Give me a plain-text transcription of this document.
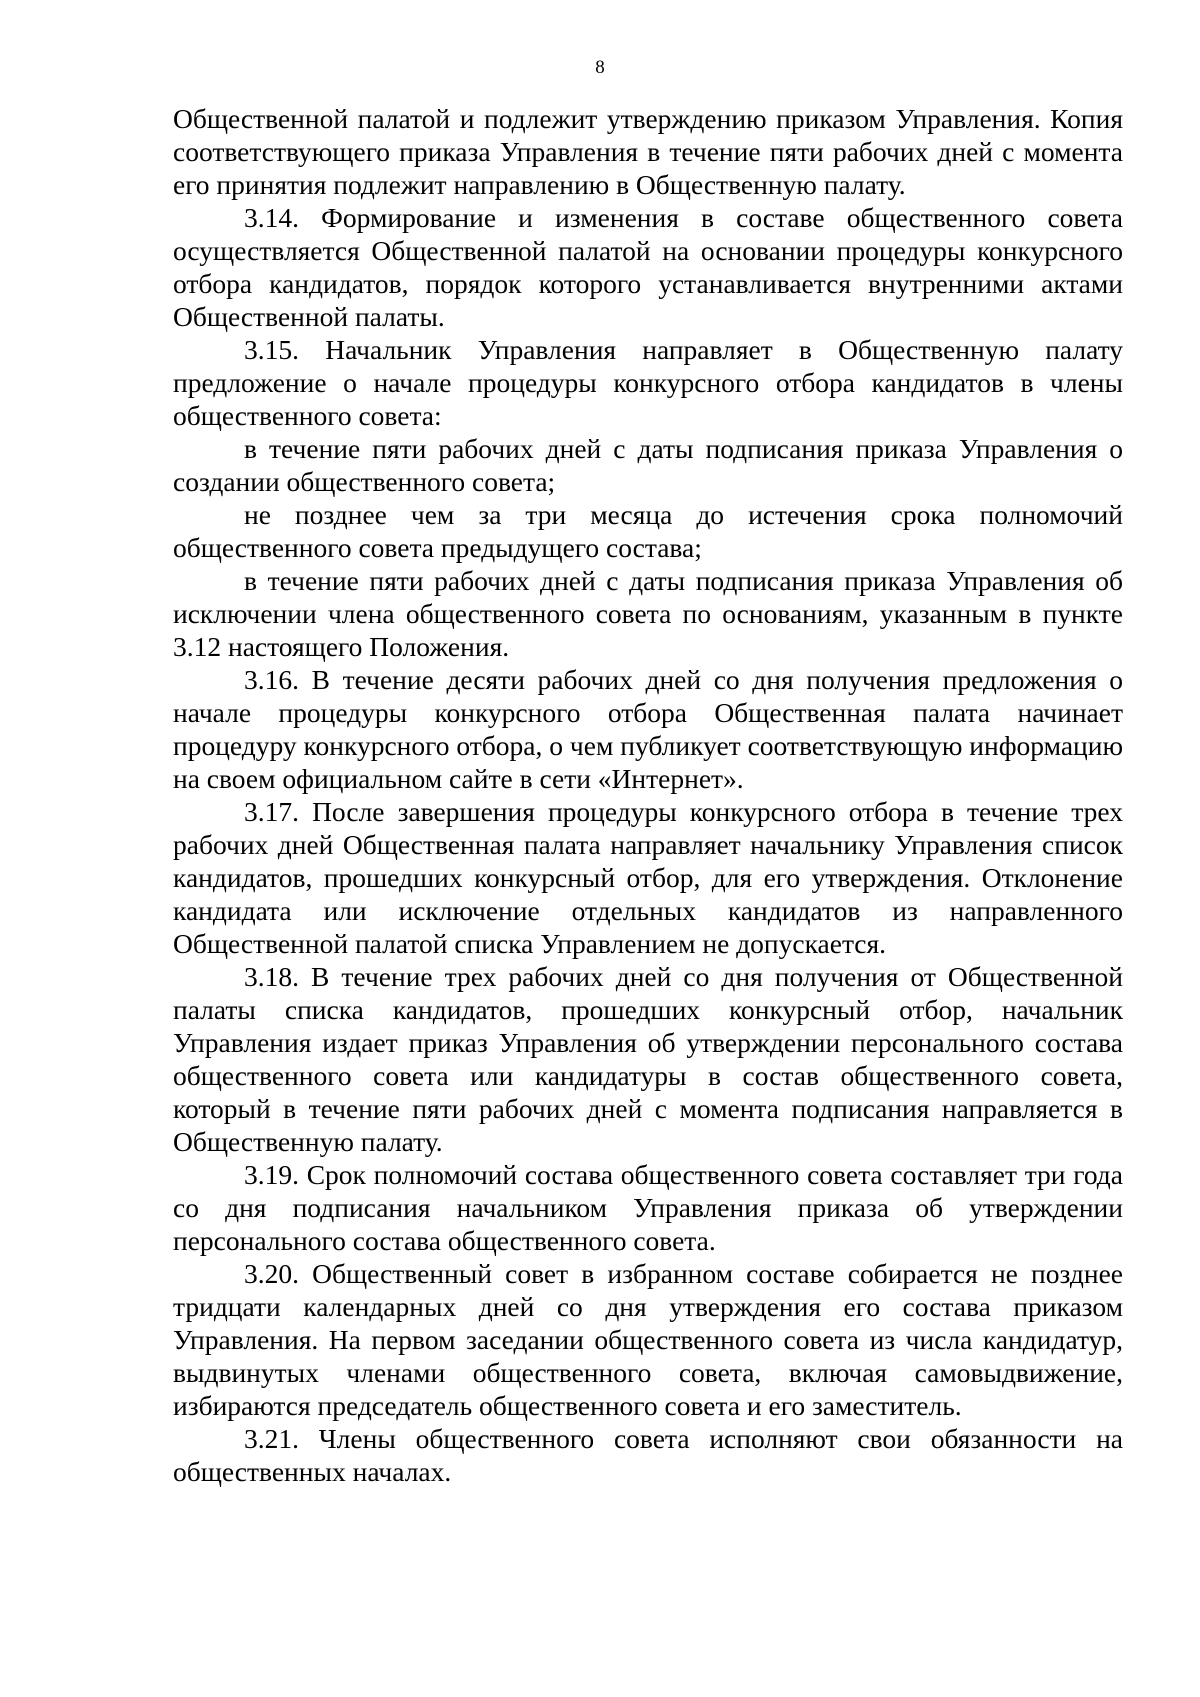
8

Общественной палатой и подлежит утверждению приказом Управления. Копия соответствующего приказа Управления в течение пяти рабочих дней с момента его принятия подлежит направлению в Общественную палату.

3.14. Формирование и изменения в составе общественного совета осуществляется Общественной палатой на основании процедуры конкурсного отбора кандидатов, порядок которого устанавливается внутренними актами Общественной палаты.

3.15. Начальник Управления направляет в Общественную палату предложение о начале процедуры конкурсного отбора кандидатов в члены общественного совета:

в течение пяти рабочих дней с даты подписания приказа Управления о создании общественного совета;

не позднее чем за три месяца до истечения срока полномочий общественного совета предыдущего состава;

в течение пяти рабочих дней с даты подписания приказа Управления об исключении члена общественного совета по основаниям, указанным в пункте 3.12 настоящего Положения.

3.16. В течение десяти рабочих дней со дня получения предложения о начале процедуры конкурсного отбора Общественная палата начинает процедуру конкурсного отбора, о чем публикует соответствующую информацию на своем официальном сайте в сети «Интернет».

3.17. После завершения процедуры конкурсного отбора в течение трех рабочих дней Общественная палата направляет начальнику Управления список кандидатов, прошедших конкурсный отбор, для его утверждения. Отклонение кандидата или исключение отдельных кандидатов из направленного Общественной палатой списка Управлением не допускается.

3.18. В течение трех рабочих дней со дня получения от Общественной палаты списка кандидатов, прошедших конкурсный отбор, начальник Управления издает приказ Управления об утверждении персонального состава общественного совета или кандидатуры в состав общественного совета, который в течение пяти рабочих дней с момента подписания направляется в Общественную палату.

3.19. Срок полномочий состава общественного совета составляет три года со дня подписания начальником Управления приказа об утверждении персонального состава общественного совета.

3.20. Общественный совет в избранном составе собирается не позднее тридцати календарных дней со дня утверждения его состава приказом Управления. На первом заседании общественного совета из числа кандидатур, выдвинутых членами общественного совета, включая самовыдвижение, избираются председатель общественного совета и его заместитель.

3.21. Члены общественного совета исполняют свои обязанности на общественных началах.
